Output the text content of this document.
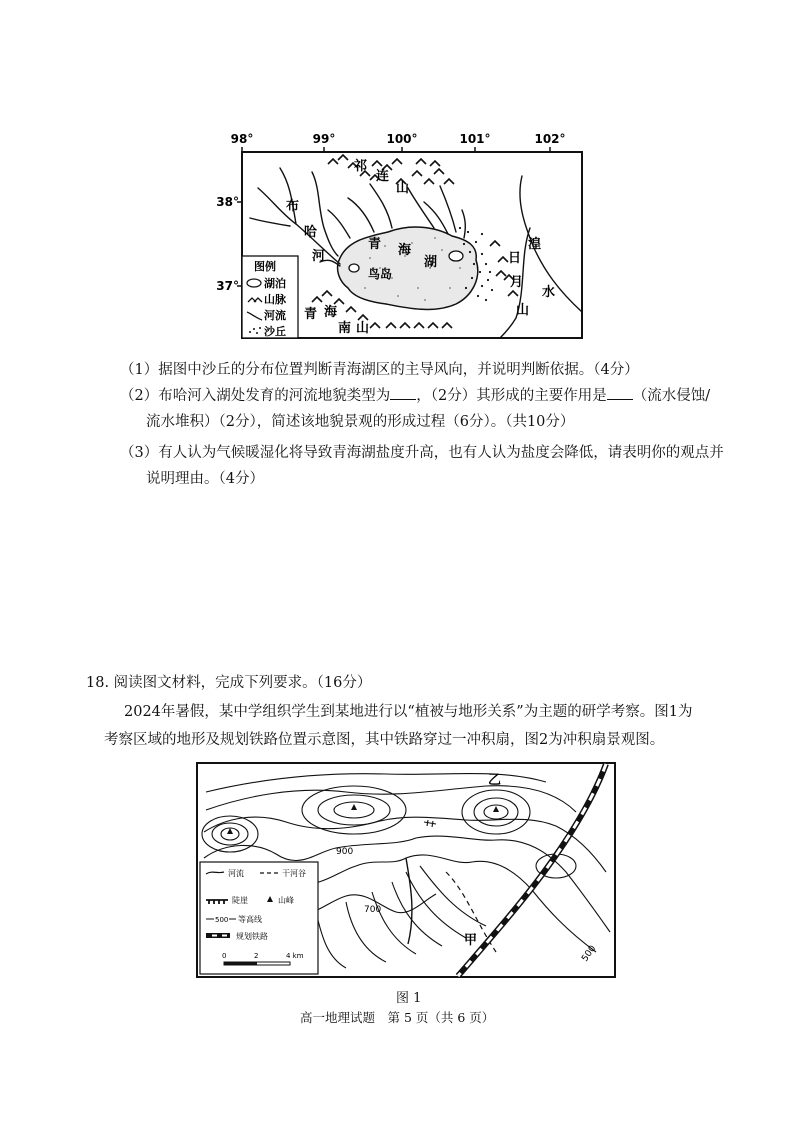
98°	99°	100°	101°	102°
38°
37°
祁
连
山
布
哈
河
青 海
湖
鸟岛
日
月
山
湟
水
青 海
南 山
图例
湖泊
山脉
河流
沙丘
（1）据图中沙丘的分布位置判断青海湖区的主导风向，并说明判断依据。（4分）
（2）布哈河入湖处发育的河流地貌类型为 ，（2分）其形成的主要作用是 （流水侵蚀/
流水堆积）（2分），简述该地貌景观的形成过程（6分）。（共10分）
（3）有人认为气候暖湿化将导致青海湖盐度升高，也有人认为盐度会降低，请表明你的观点并
说明理由。（4分）
18. 阅读图文材料，完成下列要求。（16分）
2024年暑假，某中学组织学生到某地进行以“植被与地形关系”为主题的研学考察。图1为
考察区域的地形及规划铁路位置示意图，其中铁路穿过一冲积扇，图2为冲积扇景观图。
900
700
500
乙
甲
河流	干河谷
陡崖	山峰
500 等高线
规划铁路
0	2	4 km
图 1
高一地理试题　第 5 页（共 6 页）
